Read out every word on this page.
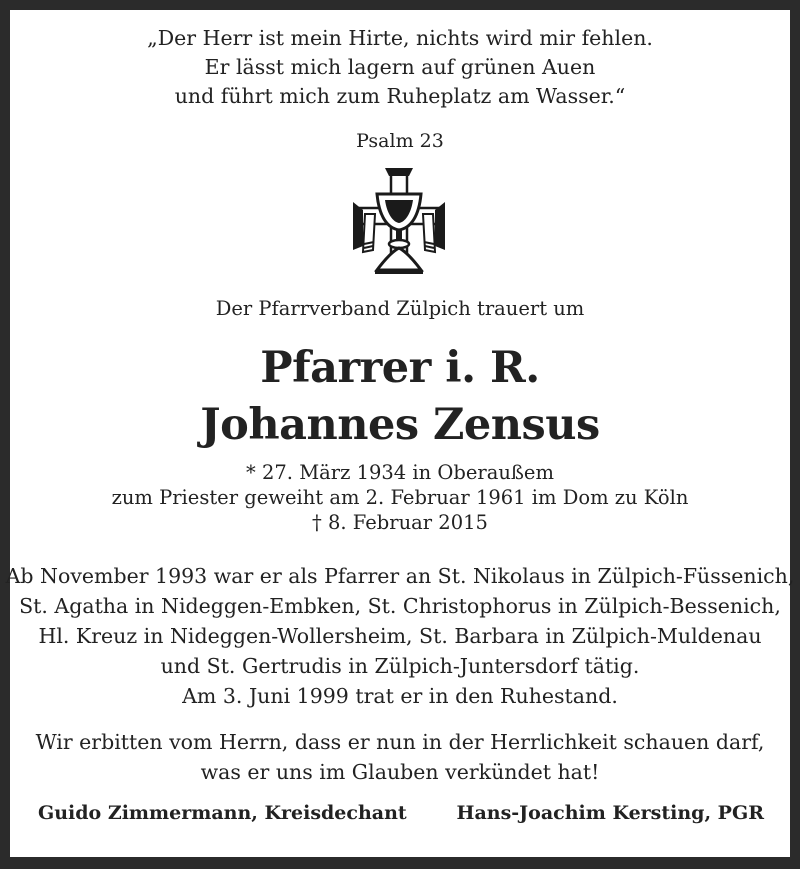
„Der Herr ist mein Hirte, nichts wird mir fehlen.
Er lässt mich lagern auf grünen Auen
und führt mich zum Ruheplatz am Wasser.“
Psalm 23
Der Pfarrverband Zülpich trauert um
Pfarrer i. R.
Johannes Zensus
* 27. März 1934 in Oberaußem
zum Priester geweiht am 2. Februar 1961 im Dom zu Köln
† 8. Februar 2015
Ab November 1993 war er als Pfarrer an St. Nikolaus in Zülpich-Füssenich,
St. Agatha in Nideggen-Embken, St. Christophorus in Zülpich-Bessenich,
Hl. Kreuz in Nideggen-Wollersheim, St. Barbara in Zülpich-Muldenau
und St. Gertrudis in Zülpich-Juntersdorf tätig.
Am 3. Juni 1999 trat er in den Ruhestand.
Wir erbitten vom Herrn, dass er nun in der Herrlichkeit schauen darf,
was er uns im Glauben verkündet hat!
Guido Zimmermann, Kreisdechant	Hans-Joachim Kersting, PGR
